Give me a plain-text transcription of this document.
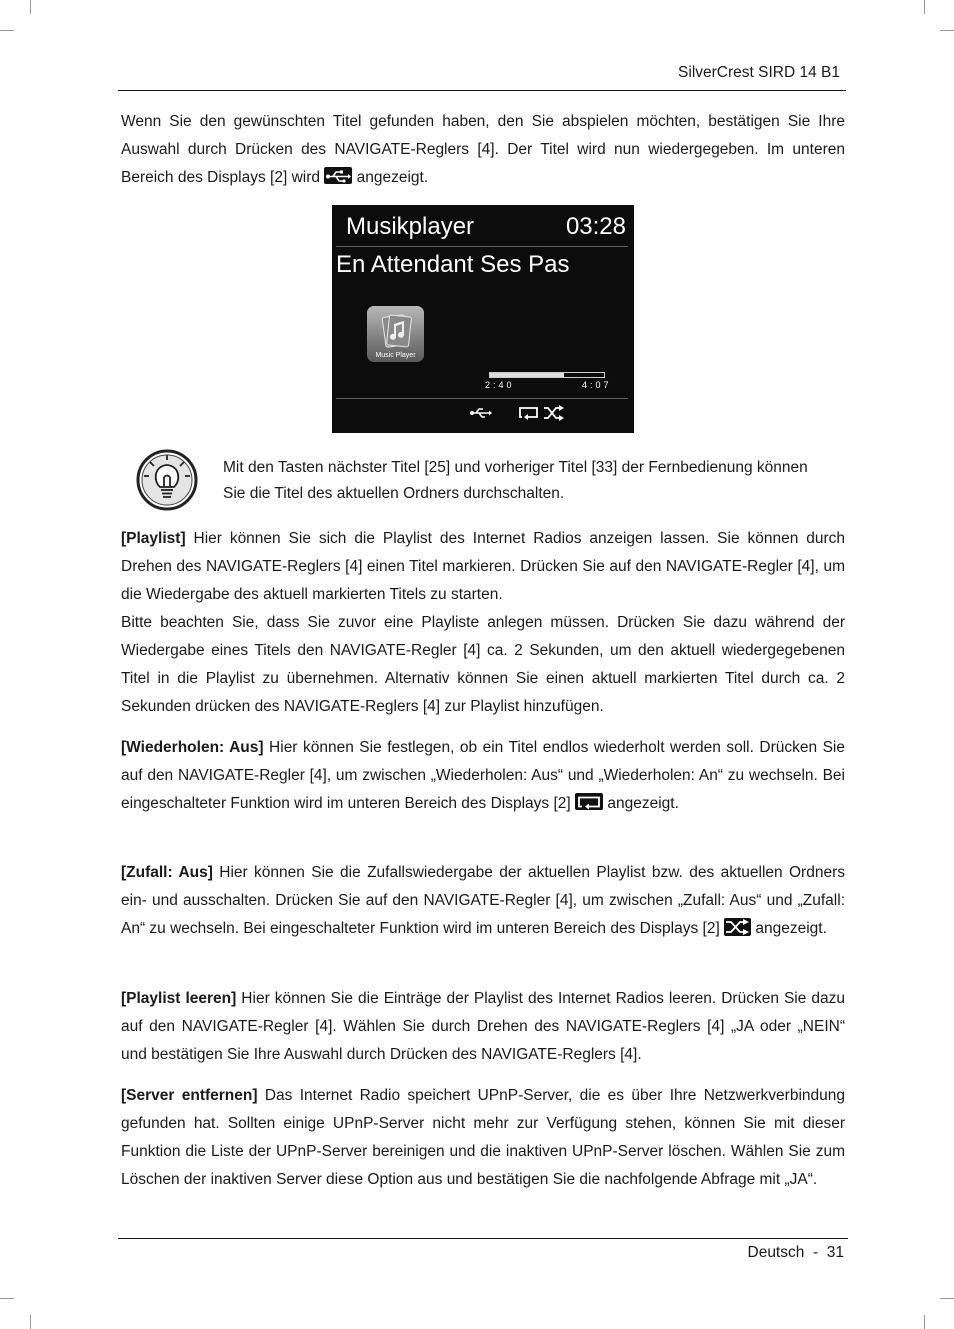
SilverCrest SIRD 14 B1

Wenn Sie den gewünschten Titel gefunden haben, den Sie abspielen möchten, bestätigen Sie Ihre Auswahl durch Drücken des NAVIGATE-Reglers [4]. Der Titel wird nun wiedergegeben. Im unteren Bereich des Displays [2] wird angezeigt.

Musikplayer	03:28
En Attendant Ses Pas
Music Player
2:40	4:07

Mit den Tasten nächster Titel [25] und vorheriger Titel [33] der Fernbedienung können Sie die Titel des aktuellen Ordners durchschalten.

[Playlist] Hier können Sie sich die Playlist des Internet Radios anzeigen lassen. Sie können durch Drehen des NAVIGATE-Reglers [4] einen Titel markieren. Drücken Sie auf den NAVIGATE-Regler [4], um die Wiedergabe des aktuell markierten Titels zu starten.

Bitte beachten Sie, dass Sie zuvor eine Playliste anlegen müssen. Drücken Sie dazu während der Wiedergabe eines Titels den NAVIGATE-Regler [4] ca. 2 Sekunden, um den aktuell wiedergegebenen Titel in die Playlist zu übernehmen. Alternativ können Sie einen aktuell markierten Titel durch ca. 2 Sekunden drücken des NAVIGATE-Reglers [4] zur Playlist hinzufügen.

[Wiederholen: Aus] Hier können Sie festlegen, ob ein Titel endlos wiederholt werden soll. Drücken Sie auf den NAVIGATE-Regler [4], um zwischen „Wiederholen: Aus“ und „Wiederholen: An“ zu wechseln. Bei eingeschalteter Funktion wird im unteren Bereich des Displays [2] angezeigt.

[Zufall: Aus] Hier können Sie die Zufallswiedergabe der aktuellen Playlist bzw. des aktuellen Ordners ein- und ausschalten. Drücken Sie auf den NAVIGATE-Regler [4], um zwischen „Zufall: Aus“ und „Zufall: An“ zu wechseln. Bei eingeschalteter Funktion wird im unteren Bereich des Displays [2] angezeigt.

[Playlist leeren] Hier können Sie die Einträge der Playlist des Internet Radios leeren. Drücken Sie dazu auf den NAVIGATE-Regler [4]. Wählen Sie durch Drehen des NAVIGATE-Reglers [4] „JA oder „NEIN“ und bestätigen Sie Ihre Auswahl durch Drücken des NAVIGATE-Reglers [4].

[Server entfernen] Das Internet Radio speichert UPnP-Server, die es über Ihre Netzwerkverbindung gefunden hat. Sollten einige UPnP-Server nicht mehr zur Verfügung stehen, können Sie mit dieser Funktion die Liste der UPnP-Server bereinigen und die inaktiven UPnP-Server löschen. Wählen Sie zum Löschen der inaktiven Server diese Option aus und bestätigen Sie die nachfolgende Abfrage mit „JA“.

Deutsch  -  31
